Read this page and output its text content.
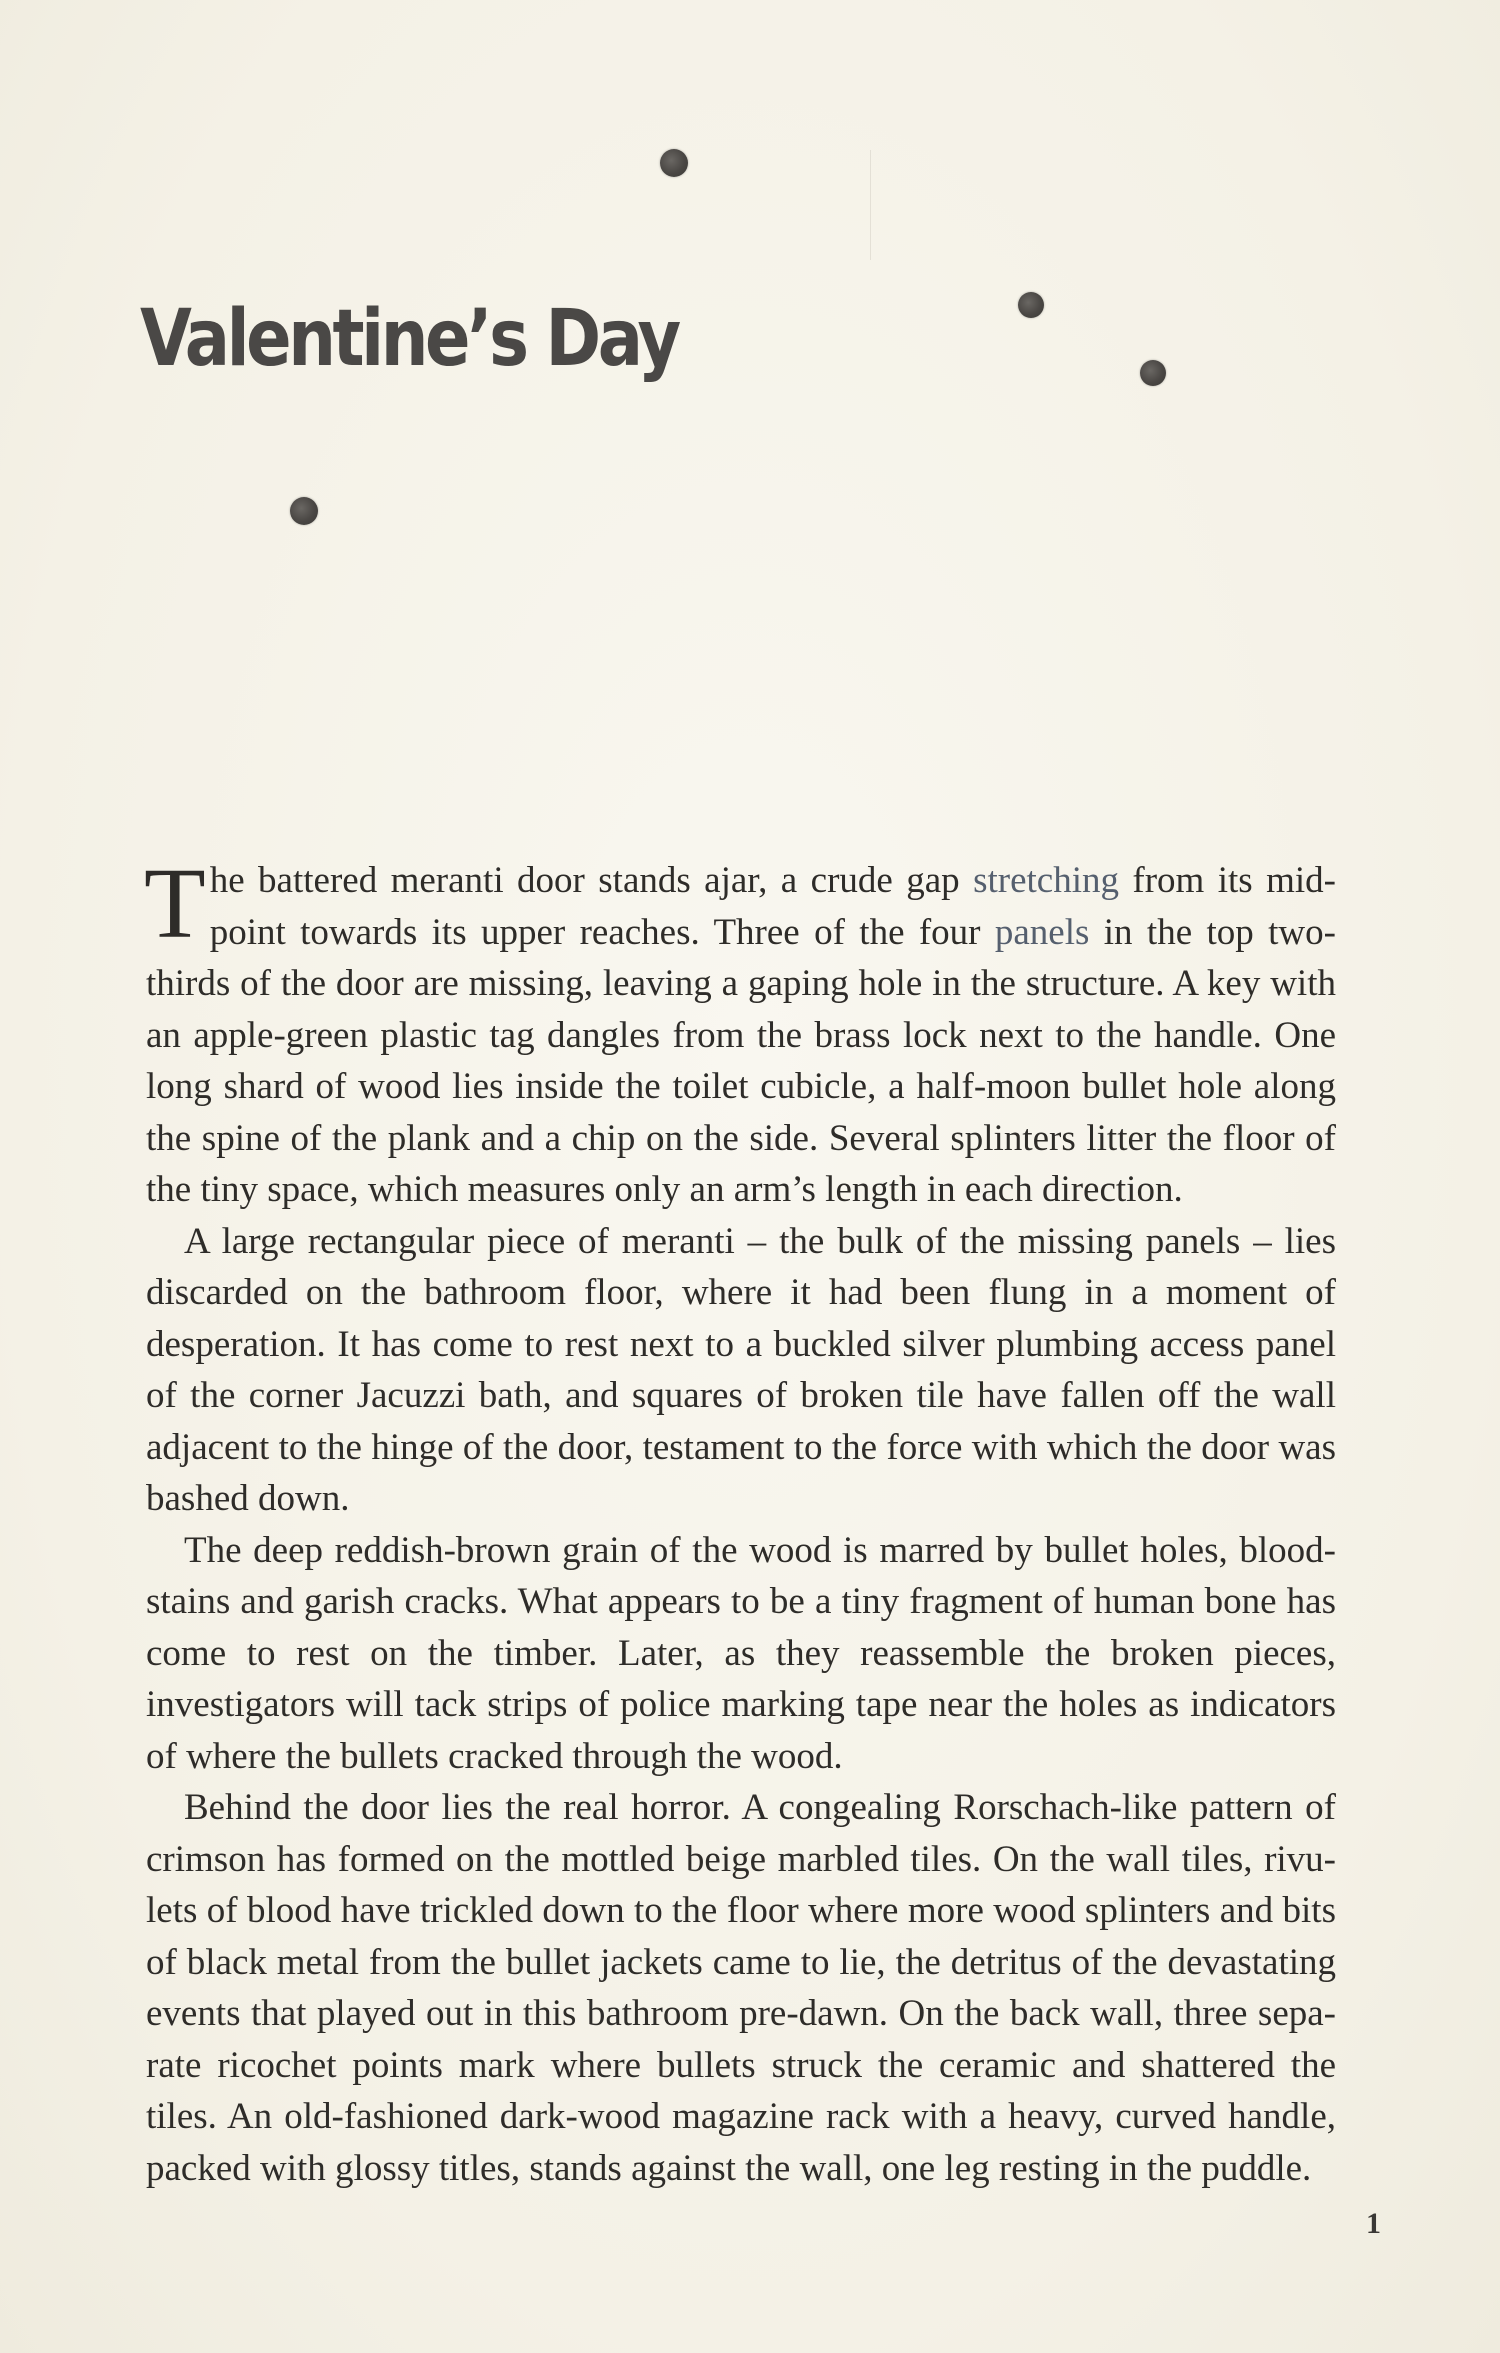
Valentine’s Day

The battered meranti door stands ajar, a crude gap stretching from its midpoint towards its upper reaches. Three of the four panels in the top two-thirds of the door are missing, leaving a gaping hole in the structure. A key with an apple-green plastic tag dangles from the brass lock next to the handle. One long shard of wood lies inside the toilet cubicle, a half-moon bullet hole along the spine of the plank and a chip on the side. Several splinters litter the floor of the tiny space, which measures only an arm’s length in each direction.

A large rectangular piece of meranti – the bulk of the missing panels – lies discarded on the bathroom floor, where it had been flung in a moment of desperation. It has come to rest next to a buckled silver plumbing access panel of the corner Jacuzzi bath, and squares of broken tile have fallen off the wall adjacent to the hinge of the door, testament to the force with which the door was bashed down.

The deep reddish-brown grain of the wood is marred by bullet holes, bloodstains and garish cracks. What appears to be a tiny fragment of human bone has come to rest on the timber. Later, as they reassemble the broken pieces, investigators will tack strips of police marking tape near the holes as indicators of where the bullets cracked through the wood.

Behind the door lies the real horror. A congealing Rorschach-like pattern of crimson has formed on the mottled beige marbled tiles. On the wall tiles, rivulets of blood have trickled down to the floor where more wood splinters and bits of black metal from the bullet jackets came to lie, the detritus of the devastating events that played out in this bathroom pre-dawn. On the back wall, three separate ricochet points mark where bullets struck the ceramic and shattered the tiles. An old-fashioned dark-wood magazine rack with a heavy, curved handle, packed with glossy titles, stands against the wall, one leg resting in the puddle.

1
